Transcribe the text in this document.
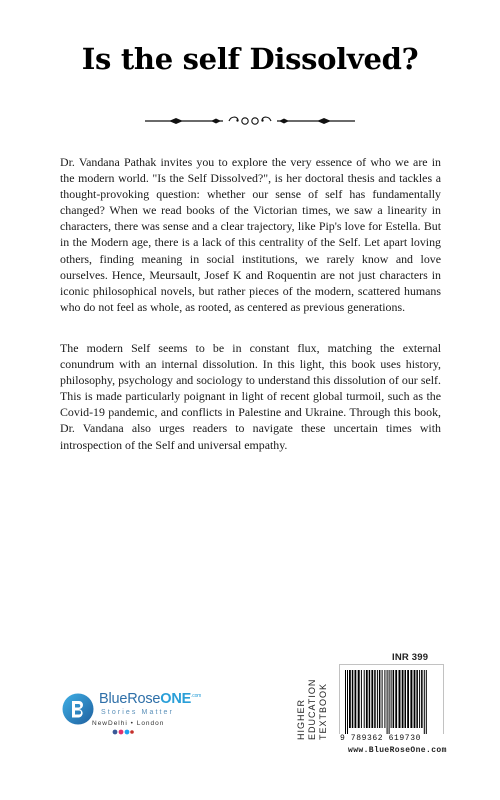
Is the self Dissolved?

Dr. Vandana Pathak invites you to explore the very essence of who we are in the modern world. "Is the Self Dissolved?", is her doctoral thesis and tackles a thought-provoking question: whether our sense of self has fundamentally changed? When we read books of the Victorian times, we saw a linearity in characters, there was sense and a clear trajectory, like Pip's love for Estella. But in the Modern age, there is a lack of this centrality of the Self. Let apart loving others, finding meaning in social institutions, we rarely know and love ourselves. Hence, Meursault, Josef K and Roquentin are not just characters in iconic philosophical novels, but rather pieces of the modern, scattered humans who do not feel as whole, as rooted, as centered as previous generations.

The modern Self seems to be in constant flux, matching the external conundrum with an internal dissolution. In this light, this book uses history, philosophy, psychology and sociology to understand this dissolution of our self. This is made particularly poignant in light of recent global turmoil, such as the Covid-19 pandemic, and conflicts in Palestine and Ukraine. Through this book, Dr. Vandana also urges readers to navigate these uncertain times with introspection of the Self and universal empathy.

INR 399
HIGHER EDUCATION TEXTBOOK 9 789362 619730
www.BlueRoseOne.com
BlueRoseONE$^{.com}$
Stories Matter
NewDelhi • London
